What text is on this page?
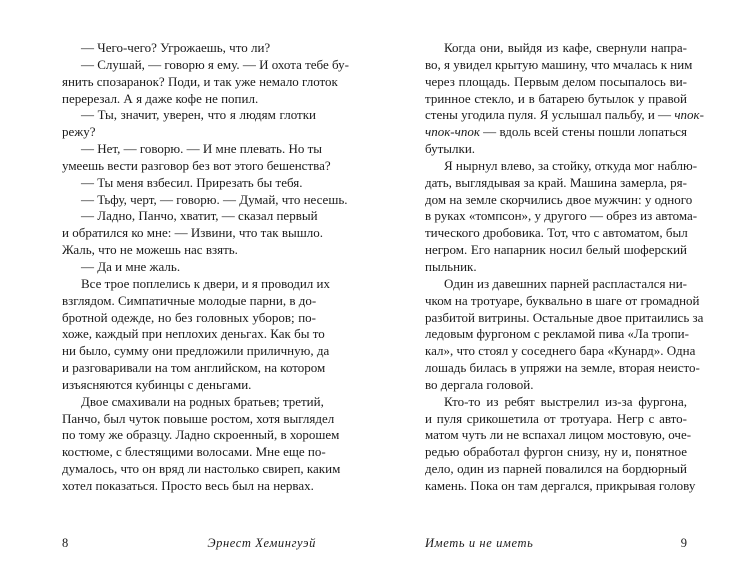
— Чего-чего? Угрожаешь, что ли?
— Слушай, — говорю я ему. — И охота тебе бу-
янить спозаранок? Поди, и так уже немало глоток
перерезал. А я даже кофе не попил.
— Ты, значит, уверен, что я людям глотки
режу?
— Нет, — говорю. — И мне плевать. Но ты
умеешь вести разговор без вот этого бешенства?
— Ты меня взбесил. Прирезать бы тебя.
— Тьфу, черт, — говорю. — Думай, что несешь.
— Ладно, Панчо, хватит, — сказал первый
и обратился ко мне: — Извини, что так вышло.
Жаль, что не можешь нас взять.
— Да и мне жаль.
Все трое поплелись к двери, и я проводил их
взглядом. Симпатичные молодые парни, в до-
бротной одежде, но без головных уборов; по-
хоже, каждый при неплохих деньгах. Как бы то
ни было, сумму они предложили приличную, да
и разговаривали на том английском, на котором
изъясняются кубинцы с деньгами.
Двое смахивали на родных братьев; третий,
Панчо, был чуток повыше ростом, хотя выглядел
по тому же образцу. Ладно скроенный, в хорошем
костюме, с блестящими волосами. Мне еще по-
думалось, что он вряд ли настолько свиреп, каким
хотел показаться. Просто весь был на нервах.
Когда они, выйдя из кафе, свернули напра-
во, я увидел крытую машину, что мчалась к ним
через площадь. Первым делом посыпалось ви-
тринное стекло, и в батарею бутылок у правой
стены угодила пуля. Я услышал пальбу, и — чпок-
чпок-чпок — вдоль всей стены пошли лопаться
бутылки.
Я нырнул влево, за стойку, откуда мог наблю-
дать, выглядывая за край. Машина замерла, ря-
дом на земле скорчились двое мужчин: у одного
в руках «томпсон», у другого — обрез из автома-
тического дробовика. Тот, что с автоматом, был
негром. Его напарник носил белый шоферский
пыльник.
Один из давешних парней распластался ни-
чком на тротуаре, буквально в шаге от громадной
разбитой витрины. Остальные двое притаились за
ледовым фургоном с рекламой пива «Ла тропи-
кал», что стоял у соседнего бара «Кунард». Одна
лошадь билась в упряжи на земле, вторая неисто-
во дергала головой.
Кто-то из ребят выстрелил из-за фургона,
и пуля срикошетила от тротуара. Негр с авто-
матом чуть ли не вспахал лицом мостовую, оче-
редью обработал фургон снизу, ну и, понятное
дело, один из парней повалился на бордюрный
камень. Пока он там дергался, прикрывая голову
8	Эрнест Хемингуэй	Иметь и не иметь	9
